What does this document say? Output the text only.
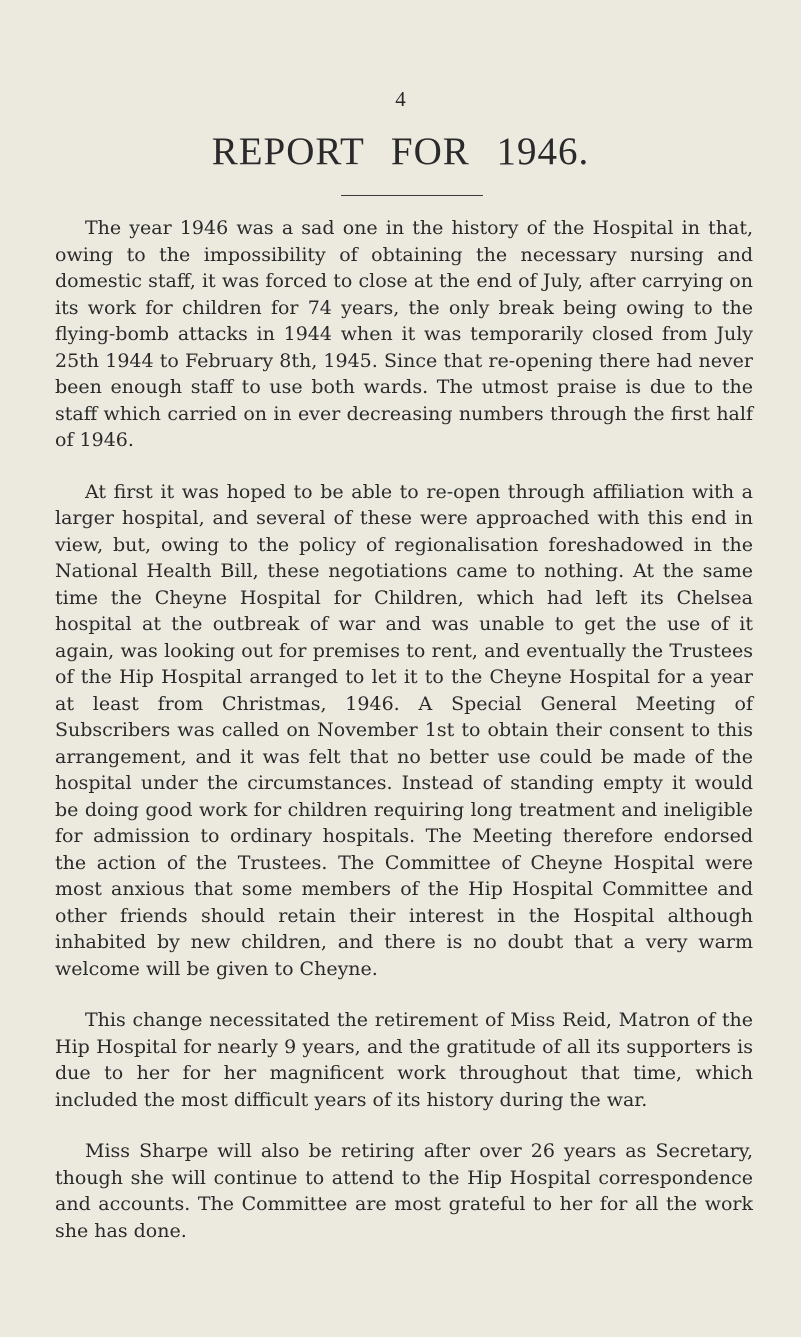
4
REPORT FOR 1946.

The year 1946 was a sad one in the history of the Hospital in that, owing to the impossibility of obtaining the necessary nursing and domestic staff, it was forced to close at the end of July, after carrying on its work for children for 74 years, the only break being owing to the flying-bomb attacks in 1944 when it was temporarily closed from July 25th 1944 to February 8th, 1945. Since that re-opening there had never been enough staff to use both wards. The utmost praise is due to the staff which carried on in ever decreasing numbers through the first half of 1946.

At first it was hoped to be able to re-open through affiliation with a larger hospital, and several of these were approached with this end in view, but, owing to the policy of regionalisation foreshadowed in the National Health Bill, these negotiations came to nothing. At the same time the Cheyne Hospital for Children, which had left its Chelsea hospital at the outbreak of war and was unable to get the use of it again, was looking out for premises to rent, and eventually the Trustees of the Hip Hospital arranged to let it to the Cheyne Hospital for a year at least from Christmas, 1946. A Special General Meeting of Subscribers was called on November 1st to obtain their consent to this arrangement, and it was felt that no better use could be made of the hospital under the circumstances. Instead of standing empty it would be doing good work for children requiring long treatment and ineligible for admission to ordinary hospitals. The Meeting therefore endorsed the action of the Trustees. The Committee of Cheyne Hospital were most anxious that some members of the Hip Hospital Committee and other friends should retain their interest in the Hospital although inhabited by new children, and there is no doubt that a very warm welcome will be given to Cheyne.

This change necessitated the retirement of Miss Reid, Matron of the Hip Hospital for nearly 9 years, and the gratitude of all its supporters is due to her for her magnificent work throughout that time, which included the most difficult years of its history during the war.

Miss Sharpe will also be retiring after over 26 years as Secretary, though she will continue to attend to the Hip Hospital correspondence and accounts. The Committee are most grateful to her for all the work she has done.
